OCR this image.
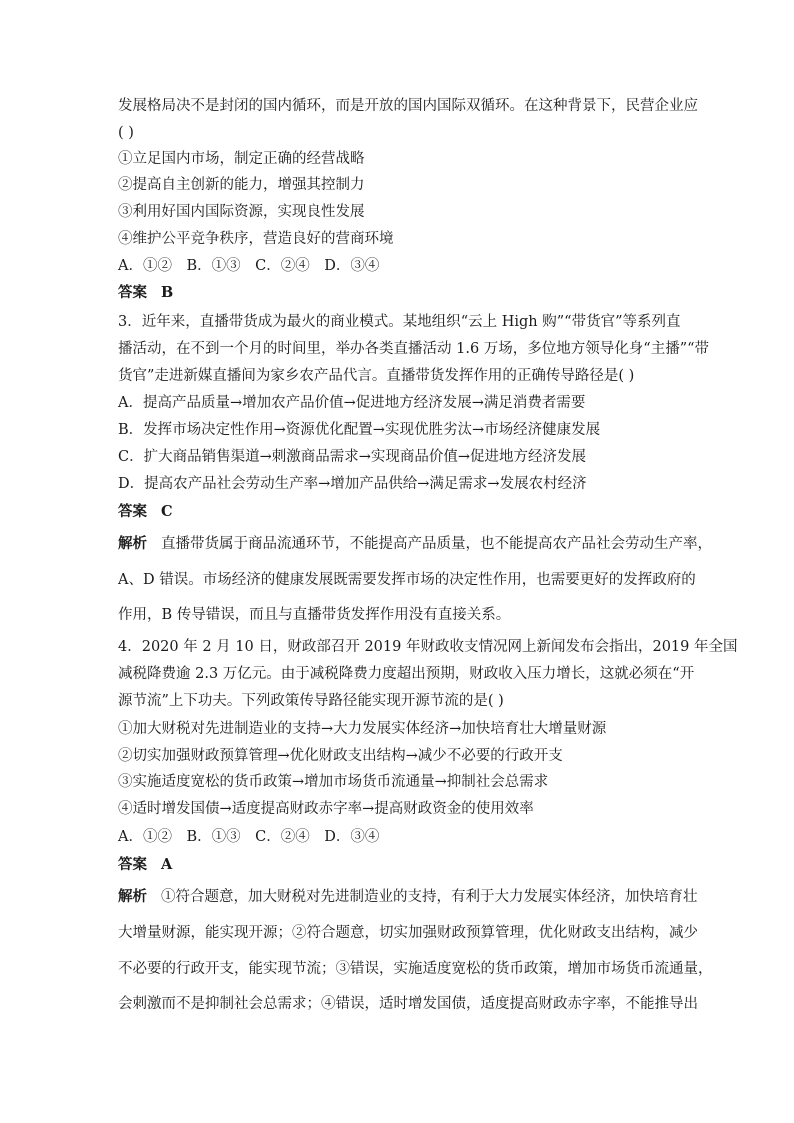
发展格局决不是封闭的国内循环，而是开放的国内国际双循环。在这种背景下，民营企业应
( )
①立足国内市场，制定正确的经营战略
②提高自主创新的能力，增强其控制力
③利用好国内国际资源，实现良性发展
④维护公平竞争秩序，营造良好的营商环境
A．①②　B．①③　C．②④　D．③④
答案 B
3．近年来，直播带货成为最火的商业模式。某地组织“云上 High 购”“带货官”等系列直
播活动，在不到一个月的时间里，举办各类直播活动 1.6 万场，多位地方领导化身“主播”“带
货官”走进新媒直播间为家乡农产品代言。直播带货发挥作用的正确传导路径是( )
A．提高产品质量→增加农产品价值→促进地方经济发展→满足消费者需要
B．发挥市场决定性作用→资源优化配置→实现优胜劣汰→市场经济健康发展
C．扩大商品销售渠道→刺激商品需求→实现商品价值→促进地方经济发展
D．提高农产品社会劳动生产率→增加产品供给→满足需求→发展农村经济
答案 C
解析 直播带货属于商品流通环节，不能提高产品质量，也不能提高农产品社会劳动生产率，
A、D 错误。市场经济的健康发展既需要发挥市场的决定性作用，也需要更好的发挥政府的
作用，B 传导错误，而且与直播带货发挥作用没有直接关系。
4．2020 年 2 月 10 日，财政部召开 2019 年财政收支情况网上新闻发布会指出，2019 年全国
减税降费逾 2.3 万亿元。由于减税降费力度超出预期，财政收入压力增长，这就必须在“开
源节流”上下功夫。下列政策传导路径能实现开源节流的是( )
①加大财税对先进制造业的支持→大力发展实体经济→加快培育壮大增量财源
②切实加强财政预算管理→优化财政支出结构→减少不必要的行政开支
③实施适度宽松的货币政策→增加市场货币流通量→抑制社会总需求
④适时增发国债→适度提高财政赤字率→提高财政资金的使用效率
A．①②　B．①③　C．②④　D．③④
答案 A
解析 ①符合题意，加大财税对先进制造业的支持，有利于大力发展实体经济，加快培育壮
大增量财源，能实现开源；②符合题意，切实加强财政预算管理，优化财政支出结构，减少
不必要的行政开支，能实现节流；③错误，实施适度宽松的货币政策，增加市场货币流通量，
会刺激而不是抑制社会总需求；④错误，适时增发国债，适度提高财政赤字率，不能推导出
